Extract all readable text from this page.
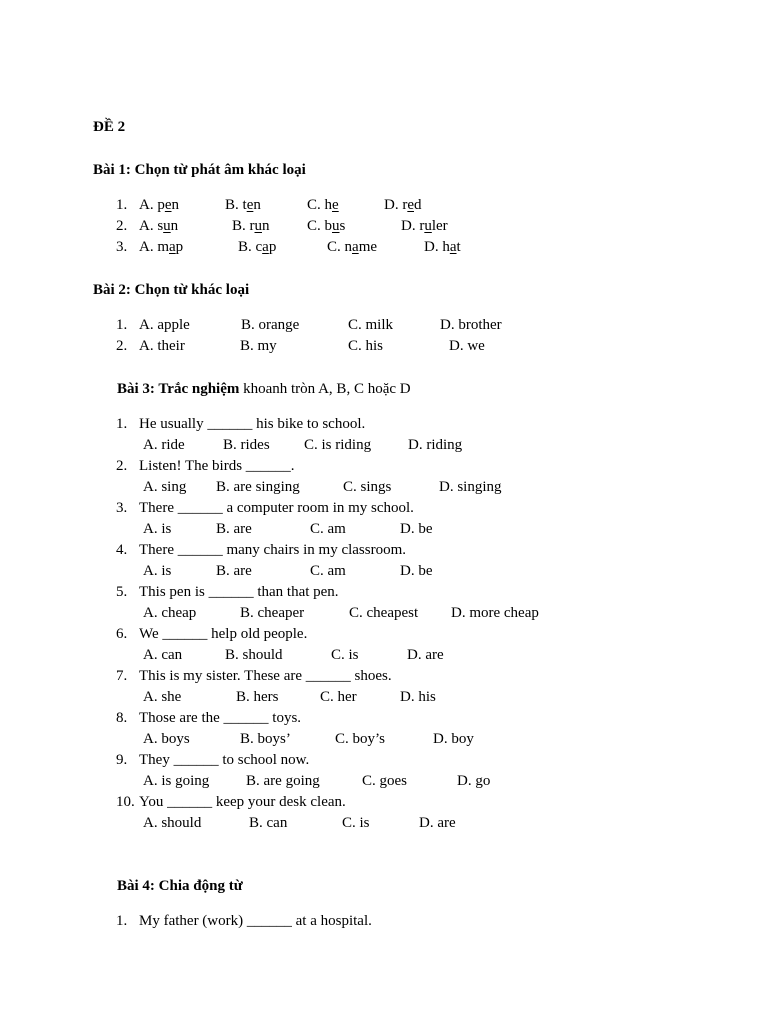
ĐỀ 2
Bài 1: Chọn từ phát âm khác loại
1. A. pen	B. ten	C. he	D. red
2. A. sun	B. run	C. bus	D. ruler
3. A. map	B. cap	C. name	D. hat
Bài 2: Chọn từ khác loại
1. A. apple	B. orange	C. milk	D. brother
2. A. their	B. my	C. his	D. we
Bài 3: Trắc nghiệm khoanh tròn A, B, C hoặc D
1. He usually ______ his bike to school.
A. ride	B. rides C. is riding D. riding
2. Listen! The birds ______.
A. sing B. are singing	C. sings	D. singing
3. There ______ a computer room in my school.
A. is	B. are	C. am	D. be
4. There ______ many chairs in my classroom.
A. is	B. are	C. am	D. be
5. This pen is ______ than that pen.
A. cheap	B. cheaper	C. cheapest D. more cheap
6. We ______ help old people.
A. can	B. should	C. is	D. are
7. This is my sister. These are ______ shoes.
A. she	B. hers	C. her	D. his
8. Those are the ______ toys.
A. boys	B. boys’	C. boy’s	D. boy
9. They ______ to school now.
A. is going B. are going	C. goes	D. go
10. You ______ keep your desk clean.
A. should	B. can	C. is	D. are
Bài 4: Chia động từ
1. My father (work) ______ at a hospital.
